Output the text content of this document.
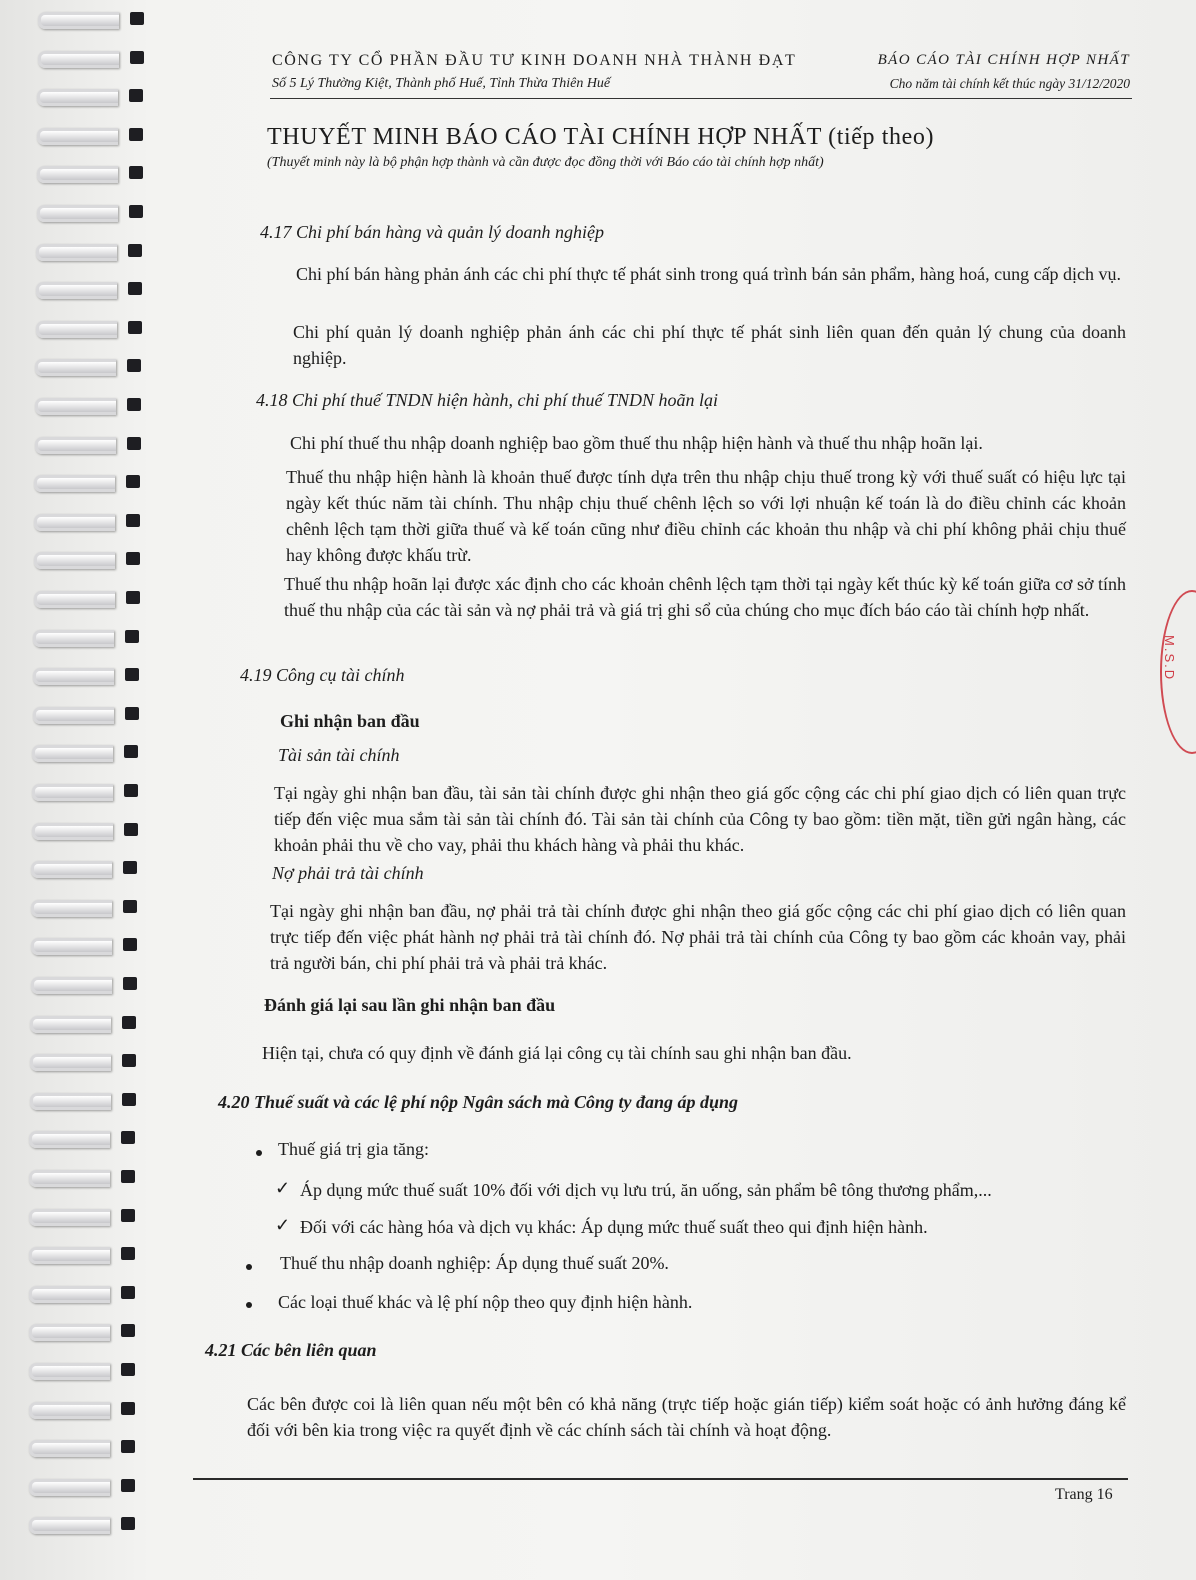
CÔNG TY CỔ PHẦN ĐẦU TƯ KINH DOANH NHÀ THÀNH ĐẠT
Số 5 Lý Thường Kiệt, Thành phố Huế, Tỉnh Thừa Thiên Huế
BÁO CÁO TÀI CHÍNH HỢP NHẤT
Cho năm tài chính kết thúc ngày 31/12/2020
THUYẾT MINH BÁO CÁO TÀI CHÍNH HỢP NHẤT (tiếp theo)
(Thuyết minh này là bộ phận hợp thành và cần được đọc đồng thời với Báo cáo tài chính hợp nhất)
4.17 Chi phí bán hàng và quản lý doanh nghiệp
Chi phí bán hàng phản ánh các chi phí thực tế phát sinh trong quá trình bán sản phẩm, hàng hoá, cung cấp dịch vụ.
Chi phí quản lý doanh nghiệp phản ánh các chi phí thực tế phát sinh liên quan đến quản lý chung của doanh nghiệp.
4.18 Chi phí thuế TNDN hiện hành, chi phí thuế TNDN hoãn lại
Chi phí thuế thu nhập doanh nghiệp bao gồm thuế thu nhập hiện hành và thuế thu nhập hoãn lại.
Thuế thu nhập hiện hành là khoản thuế được tính dựa trên thu nhập chịu thuế trong kỳ với thuế suất có hiệu lực tại ngày kết thúc năm tài chính. Thu nhập chịu thuế chênh lệch so với lợi nhuận kế toán là do điều chỉnh các khoản chênh lệch tạm thời giữa thuế và kế toán cũng như điều chỉnh các khoản thu nhập và chi phí không phải chịu thuế hay không được khấu trừ.
Thuế thu nhập hoãn lại được xác định cho các khoản chênh lệch tạm thời tại ngày kết thúc kỳ kế toán giữa cơ sở tính thuế thu nhập của các tài sản và nợ phải trả và giá trị ghi sổ của chúng cho mục đích báo cáo tài chính hợp nhất.
4.19 Công cụ tài chính
Ghi nhận ban đầu
Tài sản tài chính
Tại ngày ghi nhận ban đầu, tài sản tài chính được ghi nhận theo giá gốc cộng các chi phí giao dịch có liên quan trực tiếp đến việc mua sắm tài sản tài chính đó. Tài sản tài chính của Công ty bao gồm: tiền mặt, tiền gửi ngân hàng, các khoản phải thu về cho vay, phải thu khách hàng và phải thu khác.
Nợ phải trả tài chính
Tại ngày ghi nhận ban đầu, nợ phải trả tài chính được ghi nhận theo giá gốc cộng các chi phí giao dịch có liên quan trực tiếp đến việc phát hành nợ phải trả tài chính đó. Nợ phải trả tài chính của Công ty bao gồm các khoản vay, phải trả người bán, chi phí phải trả và phải trả khác.
Đánh giá lại sau lần ghi nhận ban đầu
Hiện tại, chưa có quy định về đánh giá lại công cụ tài chính sau ghi nhận ban đầu.
4.20 Thuế suất và các lệ phí nộp Ngân sách mà Công ty đang áp dụng
Thuế giá trị gia tăng:
✓ Áp dụng mức thuế suất 10% đối với dịch vụ lưu trú, ăn uống, sản phẩm bê tông thương phẩm,...
✓ Đối với các hàng hóa và dịch vụ khác: Áp dụng mức thuế suất theo qui định hiện hành.
Thuế thu nhập doanh nghiệp: Áp dụng thuế suất 20%.
Các loại thuế khác và lệ phí nộp theo quy định hiện hành.
4.21 Các bên liên quan
Các bên được coi là liên quan nếu một bên có khả năng (trực tiếp hoặc gián tiếp) kiểm soát hoặc có ảnh hưởng đáng kể đối với bên kia trong việc ra quyết định về các chính sách tài chính và hoạt động.
Trang 16
M.S.D
